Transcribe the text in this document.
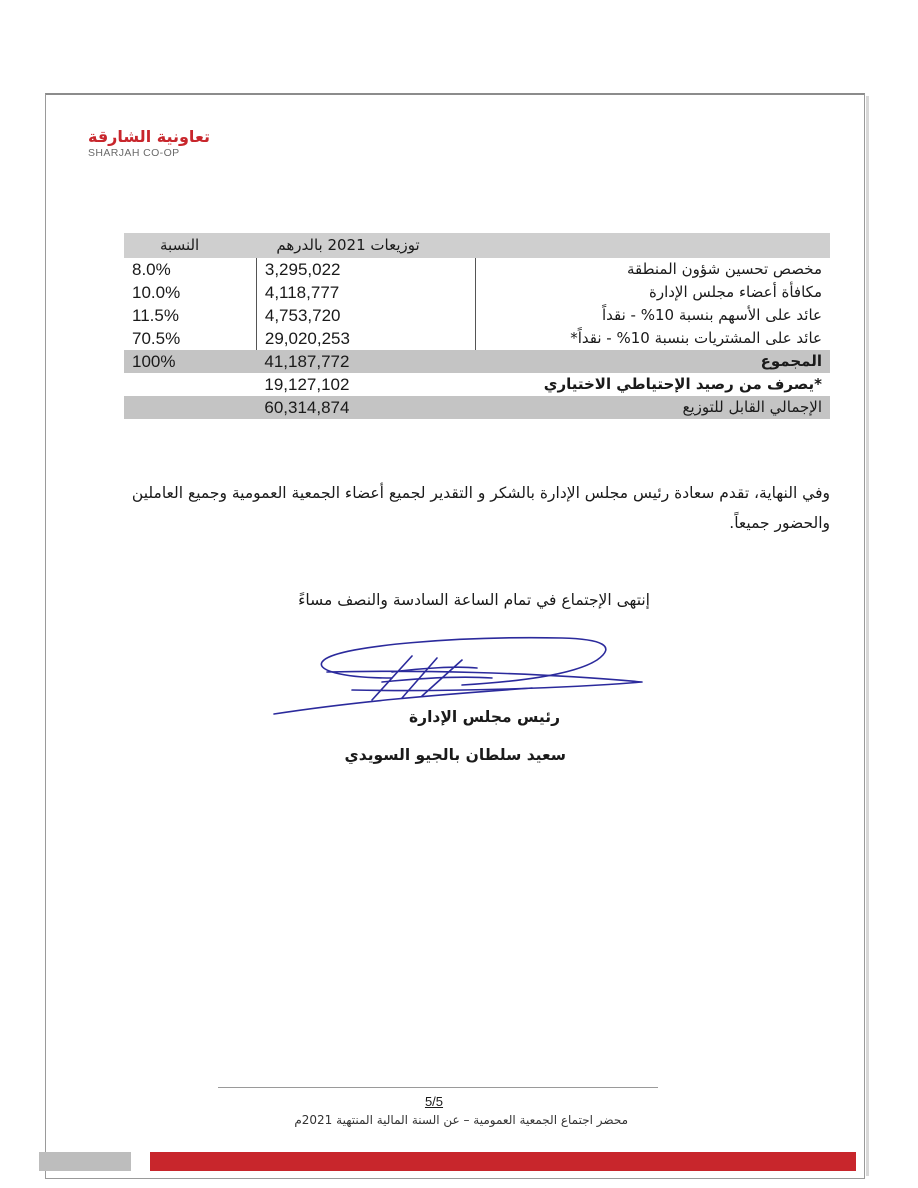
تعاونية الشارقة
SHARJAH CO-OP
	توزيعات 2021 بالدرهم	النسبة
مخصص تحسين شؤون المنطقة	3,295,022	8.0%
مكافأة أعضاء مجلس الإدارة	4,118,777	10.0%
عائد على الأسهم بنسبة 10% - نقداً	4,753,720	11.5%
عائد على المشتريات بنسبة 10% - نقداً*	29,020,253	70.5%
المجموع	41,187,772	100%
*يصرف من رصيد الإحتياطي الاختياري	19,127,102	
الإجمالي القابل للتوزيع	60,314,874	
وفي النهاية، تقدم سعادة رئيس مجلس الإدارة بالشكر و التقدير لجميع أعضاء الجمعية العمومية وجميع العاملين والحضور جميعاً.
إنتهى الإجتماع في تمام الساعة السادسة والنصف مساءً
رئيس مجلس الإدارة
سعيد سلطان بالجيو السويدي
5/5
محضر اجتماع الجمعية العمومية – عن السنة المالية المنتهية 2021م
